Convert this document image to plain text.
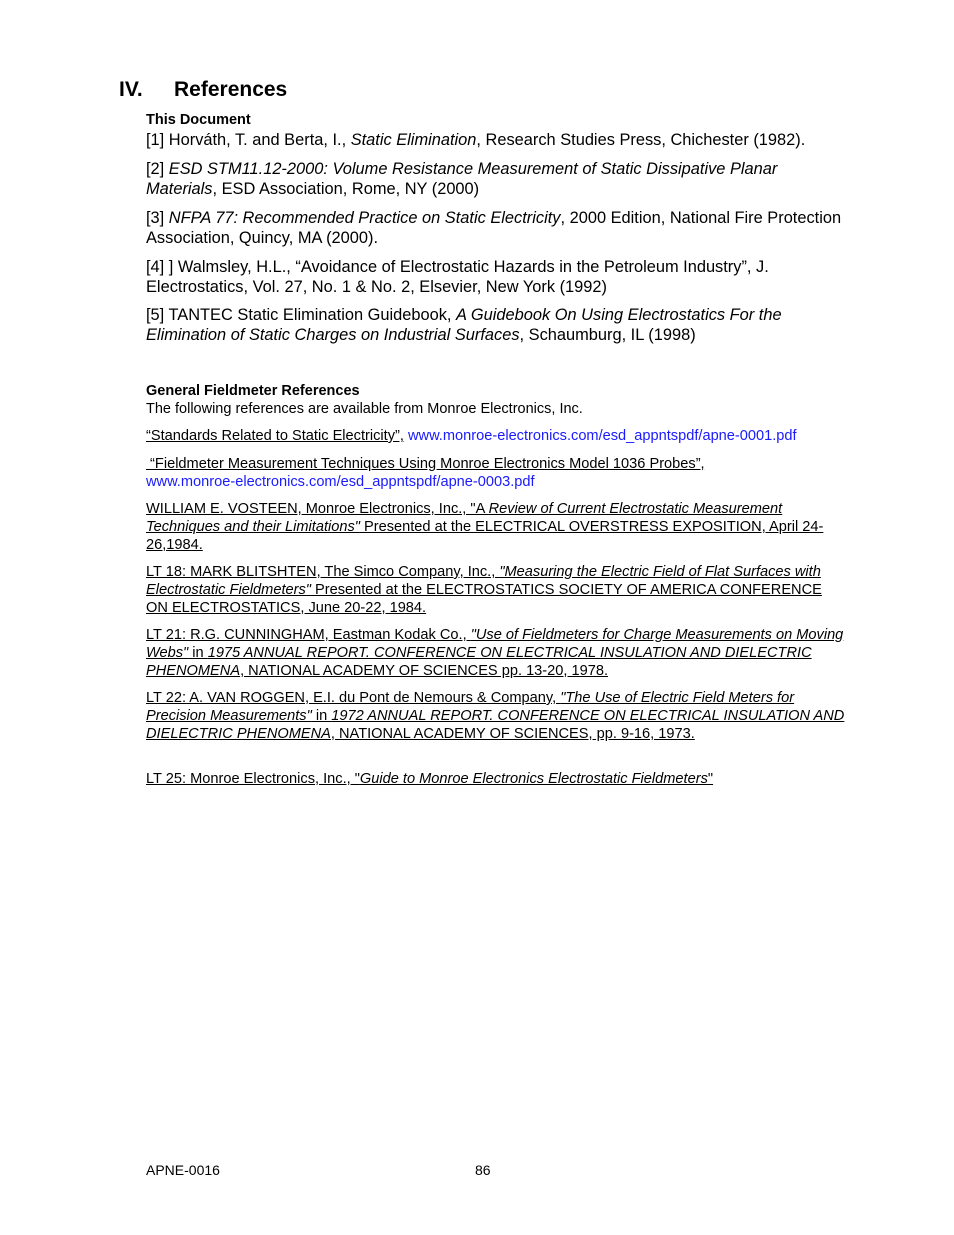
IV. References
This Document
[1] Horváth, T. and Berta, I., Static Elimination, Research Studies Press, Chichester (1982).
[2] ESD STM11.12-2000: Volume Resistance Measurement of Static Dissipative Planar Materials, ESD Association, Rome, NY (2000)
[3] NFPA 77: Recommended Practice on Static Electricity, 2000 Edition, National Fire Protection Association, Quincy, MA (2000).
[4] ] Walmsley, H.L., “Avoidance of Electrostatic Hazards in the Petroleum Industry”, J. Electrostatics, Vol. 27, No. 1 & No. 2, Elsevier, New York (1992)
[5] TANTEC Static Elimination Guidebook, A Guidebook On Using Electrostatics For the Elimination of Static Charges on Industrial Surfaces, Schaumburg, IL (1998)
General Fieldmeter References
The following references are available from Monroe Electronics, Inc.
“Standards Related to Static Electricity”, www.monroe-electronics.com/esd_appntspdf/apne-0001.pdf
“Fieldmeter Measurement Techniques Using Monroe Electronics Model 1036 Probes”,
www.monroe-electronics.com/esd_appntspdf/apne-0003.pdf
WILLIAM E. VOSTEEN, Monroe Electronics, Inc., "A Review of Current Electrostatic Measurement Techniques and their Limitations" Presented at the ELECTRICAL OVERSTRESS EXPOSITION, April 24-26,1984.
LT 18: MARK BLITSHTEN, The Simco Company, Inc., "Measuring the Electric Field of Flat Surfaces with Electrostatic Fieldmeters" Presented at the ELECTROSTATICS SOCIETY OF AMERICA CONFERENCE ON ELECTROSTATICS, June 20-22, 1984.
LT 21: R.G. CUNNINGHAM, Eastman Kodak Co., "Use of Fieldmeters for Charge Measurements on Moving Webs" in 1975 ANNUAL REPORT. CONFERENCE ON ELECTRICAL INSULATION AND DIELECTRIC PHENOMENA, NATIONAL ACADEMY OF SCIENCES pp. 13-20, 1978.
LT 22: A. VAN ROGGEN, E.I. du Pont de Nemours & Company, "The Use of Electric Field Meters for Precision Measurements" in 1972 ANNUAL REPORT. CONFERENCE ON ELECTRICAL INSULATION AND DIELECTRIC PHENOMENA, NATIONAL ACADEMY OF SCIENCES, pp. 9-16, 1973.
LT 25: Monroe Electronics, Inc., "Guide to Monroe Electronics Electrostatic Fieldmeters"
APNE-0016	86
